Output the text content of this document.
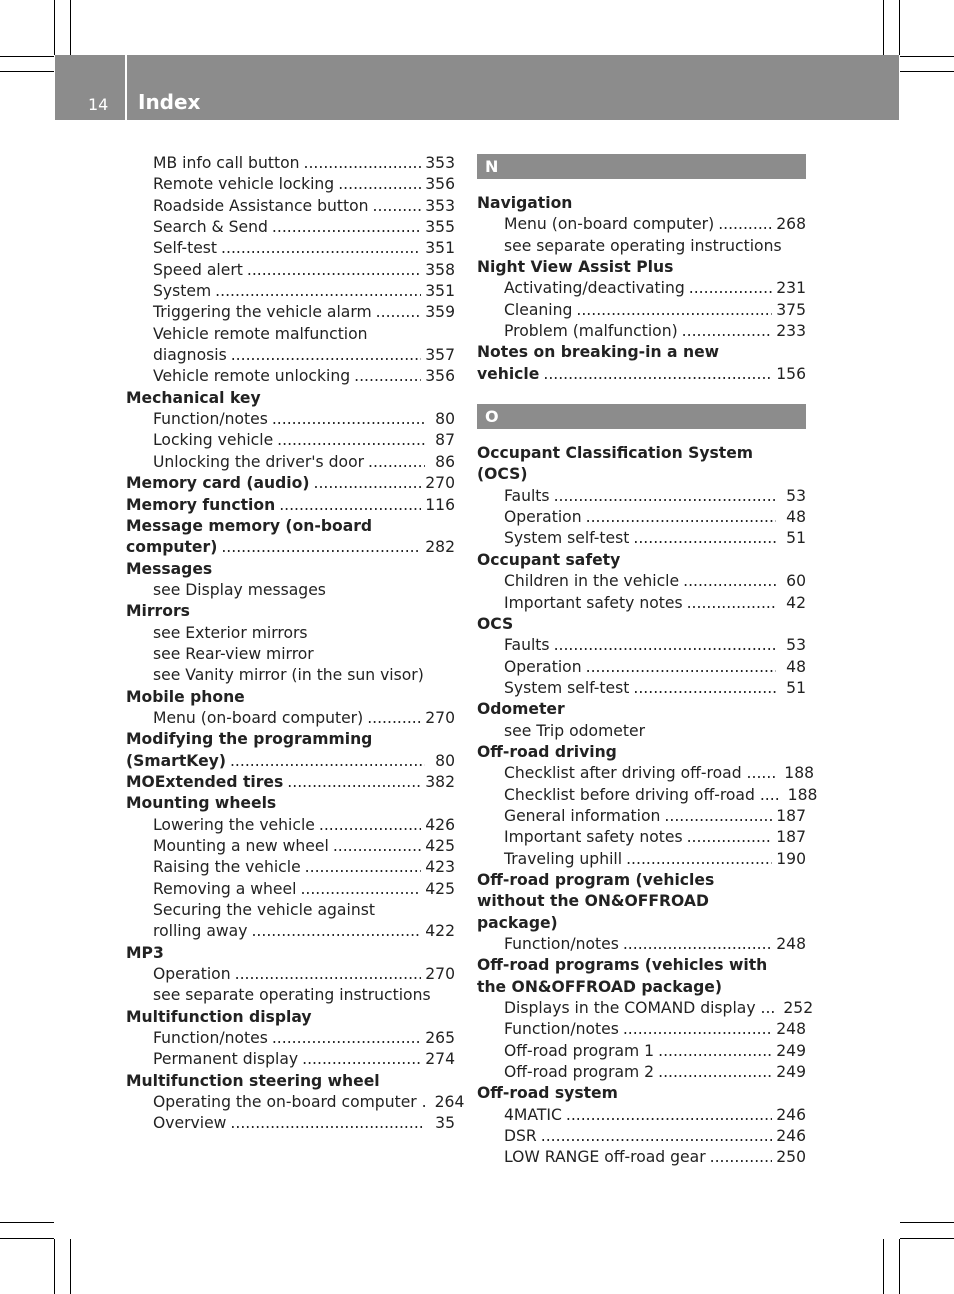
14 Index
MB info call button .....	353
Remote vehicle locking .....	356
Roadside Assistance button .....	353
Search & Send .....	355
Self-test .....	351
Speed alert .....	358
System .....	351
Triggering the vehicle alarm .....	359
Vehicle remote malfunction
diagnosis .....	357
Vehicle remote unlocking .....	356
Mechanical key
Function/notes .....	80
Locking vehicle .....	87
Unlocking the driver's door .....	86
Memory card (audio) .....	270
Memory function .....	116
Message memory (on-board
computer) .....	282
Messages
see Display messages
Mirrors
see Exterior mirrors
see Rear-view mirror
see Vanity mirror (in the sun visor)
Mobile phone
Menu (on-board computer) .....	270
Modifying the programming
(SmartKey) .....	80
MOExtended tires .....	382
Mounting wheels
Lowering the vehicle .....	426
Mounting a new wheel .....	425
Raising the vehicle .....	423
Removing a wheel .....	425
Securing the vehicle against
rolling away .....	422
MP3
Operation .....	270
see separate operating instructions
Multifunction display
Function/notes .....	265
Permanent display .....	274
Multifunction steering wheel
Operating the on-board computer . 264
Overview .....	35
N
Navigation
Menu (on-board computer) .....	268
see separate operating instructions
Night View Assist Plus
Activating/deactivating .....	231
Cleaning .....	375
Problem (malfunction) .....	233
Notes on breaking-in a new
vehicle .....	156
O
Occupant Classification System
(OCS)
Faults .....	53
Operation .....	48
System self-test .....	51
Occupant safety
Children in the vehicle .....	60
Important safety notes .....	42
OCS
Faults .....	53
Operation .....	48
System self-test .....	51
Odometer
see Trip odometer
Off-road driving
Checklist after driving off-road ...... 188
Checklist before driving off-road .... 188
General information .....	187
Important safety notes .....	187
Traveling uphill .....	190
Off-road program (vehicles
without the ON&OFFROAD
package)
Function/notes .....	248
Off-road programs (vehicles with
the ON&OFFROAD package)
Displays in the COMAND display ... 252
Function/notes .....	248
Off-road program 1 .....	249
Off-road program 2 .....	249
Off-road system
4MATIC .....	246
DSR .....	246
LOW RANGE off-road gear .....	250
